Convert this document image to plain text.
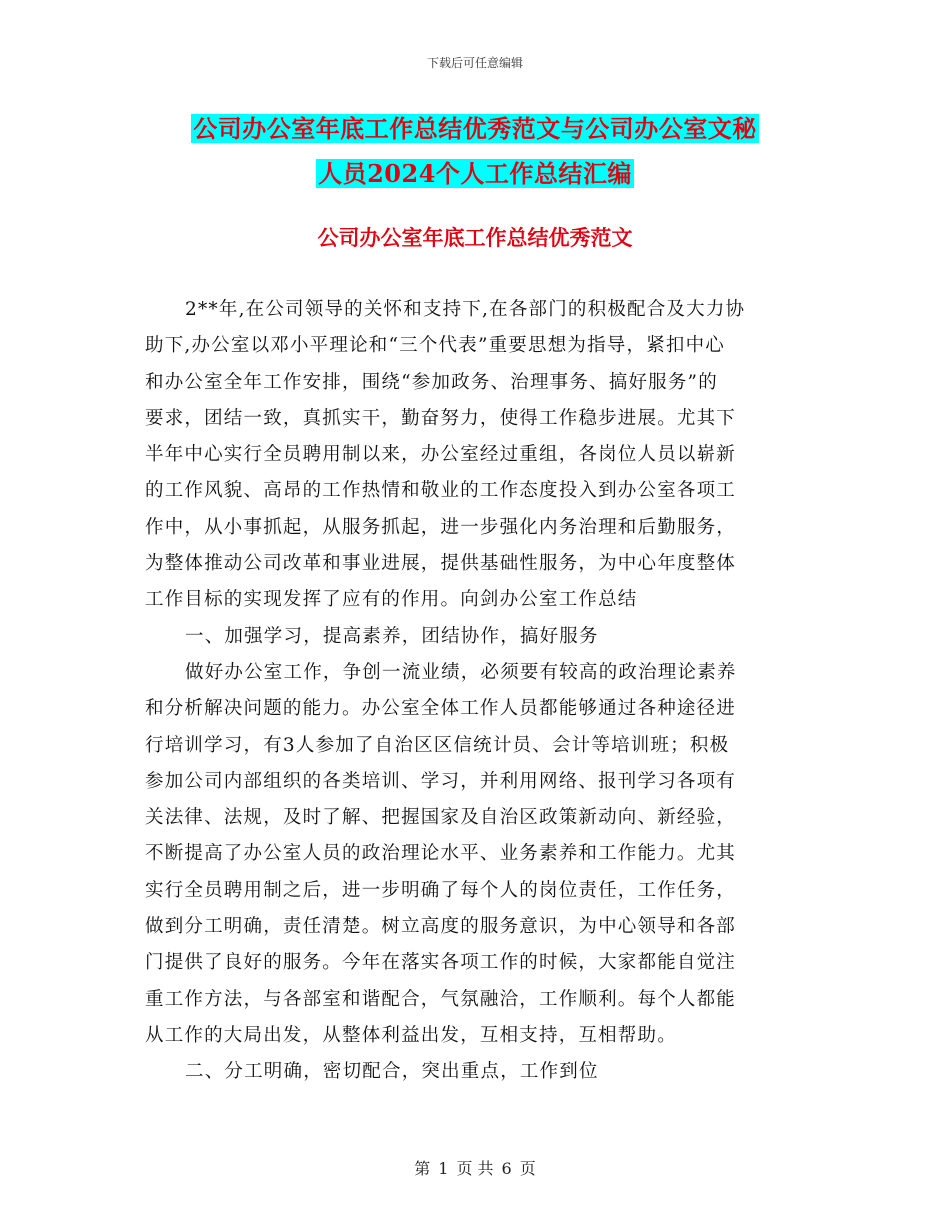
下载后可任意编辑
公司办公室年底工作总结优秀范文与公司办公室文秘
人员2024个人工作总结汇编
公司办公室年底工作总结优秀范文
2**年,在公司领导的关怀和支持下,在各部门的积极配合及大力协
助下,办公室以邓小平理论和“三个代表”重要思想为指导，紧扣中心
和办公室全年工作安排，围绕“参加政务、治理事务、搞好服务”的
要求，团结一致，真抓实干，勤奋努力，使得工作稳步进展。尤其下
半年中心实行全员聘用制以来，办公室经过重组，各岗位人员以崭新
的工作风貌、高昂的工作热情和敬业的工作态度投入到办公室各项工
作中，从小事抓起，从服务抓起，进一步强化内务治理和后勤服务，
为整体推动公司改革和事业进展，提供基础性服务，为中心年度整体
工作目标的实现发挥了应有的作用。向剑办公室工作总结
一、加强学习，提高素养，团结协作，搞好服务
做好办公室工作，争创一流业绩，必须要有较高的政治理论素养
和分析解决问题的能力。办公室全体工作人员都能够通过各种途径进
行培训学习，有3人参加了自治区区信统计员、会计等培训班；积极
参加公司内部组织的各类培训、学习，并利用网络、报刊学习各项有
关法律、法规，及时了解、把握国家及自治区政策新动向、新经验，
不断提高了办公室人员的政治理论水平、业务素养和工作能力。尤其
实行全员聘用制之后，进一步明确了每个人的岗位责任，工作任务，
做到分工明确，责任清楚。树立高度的服务意识，为中心领导和各部
门提供了良好的服务。今年在落实各项工作的时候，大家都能自觉注
重工作方法，与各部室和谐配合，气氛融洽，工作顺利。每个人都能
从工作的大局出发，从整体利益出发，互相支持，互相帮助。
二、分工明确，密切配合，突出重点，工作到位
第 1 页 共 6 页
